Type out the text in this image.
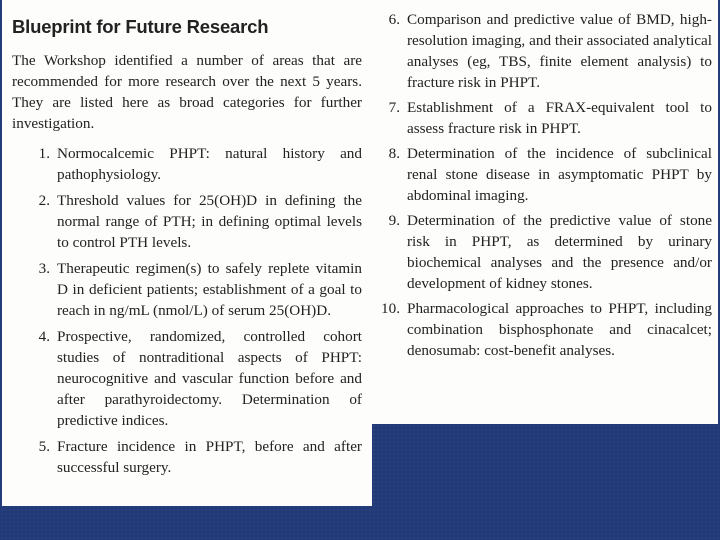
Blueprint for Future Research
The Workshop identified a number of areas that are recommended for more research over the next 5 years. They are listed here as broad categories for further investigation.
1. Normocalcemic PHPT: natural history and pathophysiology.
2. Threshold values for 25(OH)D in defining the normal range of PTH; in defining optimal levels to control PTH levels.
3. Therapeutic regimen(s) to safely replete vitamin D in deficient patients; establishment of a goal to reach in ng/mL (nmol/L) of serum 25(OH)D.
4. Prospective, randomized, controlled cohort studies of nontraditional aspects of PHPT: neurocognitive and vascular function before and after parathyroidectomy. Determination of predictive indices.
5. Fracture incidence in PHPT, before and after successful surgery.
6. Comparison and predictive value of BMD, high-resolution imaging, and their associated analytical analyses (eg, TBS, finite element analysis) to fracture risk in PHPT.
7. Establishment of a FRAX-equivalent tool to assess fracture risk in PHPT.
8. Determination of the incidence of subclinical renal stone disease in asymptomatic PHPT by abdominal imaging.
9. Determination of the predictive value of stone risk in PHPT, as determined by urinary biochemical analyses and the presence and/or development of kidney stones.
10. Pharmacological approaches to PHPT, including combination bisphosphonate and cinacalcet; denosumab: cost-benefit analyses.
